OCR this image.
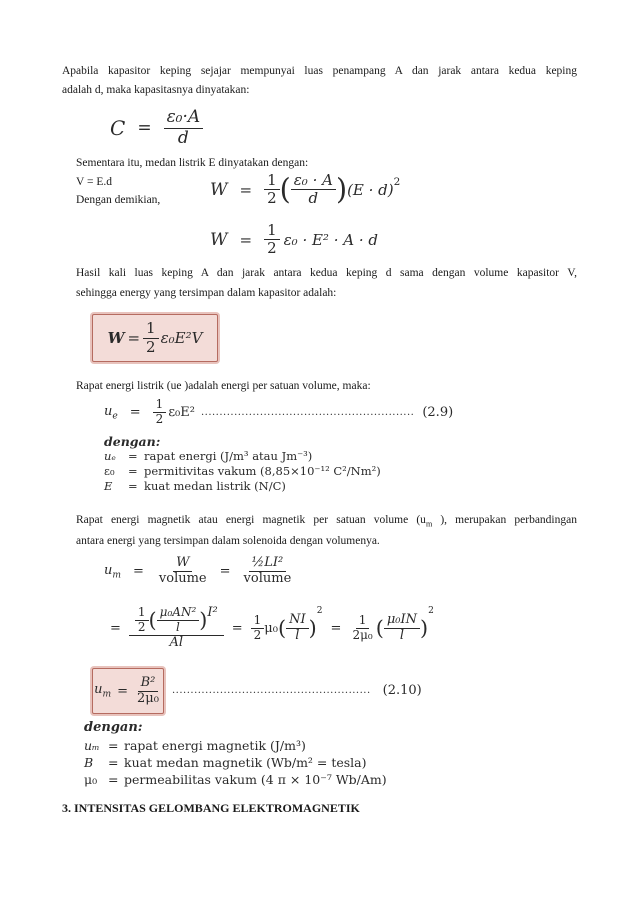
Apabila kapasitor keping sejajar mempunyai luas penampang A dan jarak antara kedua keping
adalah d, maka kapasitasnya dinyatakan:
$C = \frac{\text{ε₀·A}}{d}$
Sementara itu, medan listrik E dinyatakan dengan:
V = E.d
Dengan demikian,
$W = \frac{1}{2}$ ( $\frac{\text{ε₀ · A}}{d}$ ) $(E \cdot d)^2$
$W = \frac{1}{2} \varepsilon_0 \cdot E^2 \cdot A \cdot d$
Hasil kali luas keping A dan jarak antara kedua keping d sama dengan volume kapasitor V,
sehingga energy yang tersimpan dalam kapasitor adalah:
$W = \frac{1}{2} \varepsilon_0E^2V$
Rapat energi listrik (ue )adalah energi per satuan volume, maka:
$u_e = \frac{1}{2} \varepsilon_0E^2$ .......................................................... (2.9)
dengan:
uₑ = rapat energi (J/m³ atau Jm⁻³)
ε₀ = permitivitas vakum (8,85×10⁻¹² C²/Nm²)
E = kuat medan listrik (N/C)
Rapat energi magnetik atau energi magnetik per satuan volume ($u_m$ ), merupakan perbandingan
antara energi yang tersimpan dalam solenoida dengan volumenya.
$u_m = \frac{W}{\text{volume}} = \frac{\text{½LI²}}{\text{volume}}$
= $\frac{\frac{1}{2} ( \frac{\text{μ₀AN²}}{l} ) I^2}{Al} = \frac{1}{2} \mu_0$ ( $\frac{NI}{l}$ )
2
= $\frac{1}{\text{2μ₀}}$ ( $\frac{\text{μ₀IN}}{l}$ )
2
$u_m = \frac{\text{B²}}{\text{2μ₀}}$ ...................................................... (2.10)
dengan:
uₘ = rapat energi magnetik (J/m³)
B = kuat medan magnetik (Wb/m² = tesla)
μ₀ = permeabilitas vakum (4 π × 10⁻⁷ Wb/Am)
3. INTENSITAS GELOMBANG ELEKTROMAGNETIK
